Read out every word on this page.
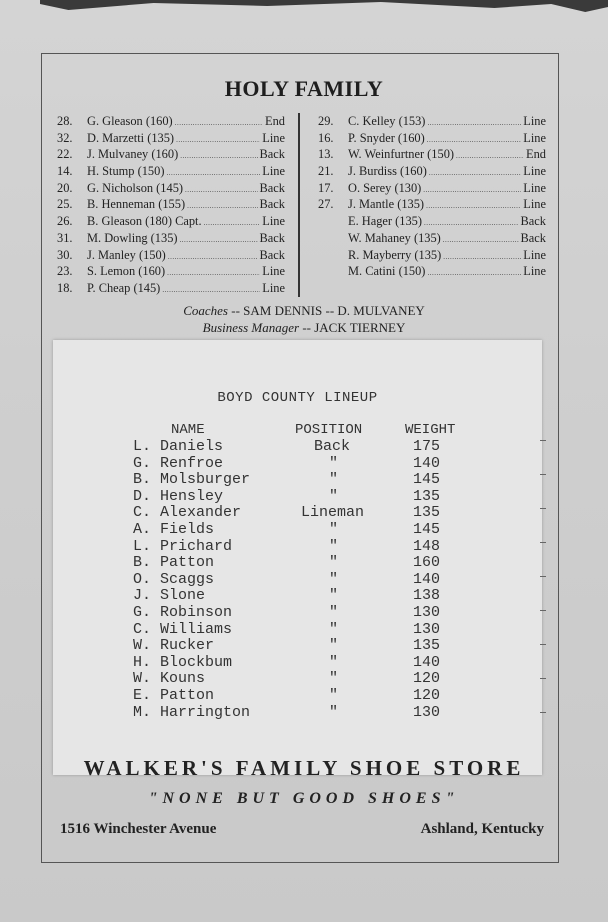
HOLY FAMILY
28.	G. Gleason (160) .....	End
32.	D. Marzetti (135) .....	Line
22.	J. Mulvaney (160) .....	Back
14.	H. Stump (150) .....	Line
20.	G. Nicholson (145) .....	Back
25.	B. Henneman (155) .....	Back
26.	B. Gleason (180) Capt. .....	Line
31.	M. Dowling (135) .....	Back
30.	J. Manley (150) .....	Back
23.	S. Lemon (160) .....	Line
18.	P. Cheap (145) .....	Line
29.	C. Kelley (153) .....	Line
16.	P. Snyder (160) .....	Line
13.	W. Weinfurtner (150) .....	End
21.	J. Burdiss (160) .....	Line
17.	O. Serey (130) .....	Line
27.	J. Mantle (135) .....	Line
E. Hager (135) .....	Back
W. Mahaney (135) .....	Back
R. Mayberry (135) .....	Line
M. Catini (150) .....	Line
Coaches -- SAM DENNIS -- D. MULVANEY
Business Manager -- JACK TIERNEY
BOYD COUNTY LINEUP
NAME	POSITION	WEIGHT
L. Daniels	Back	175
G. Renfroe	"	140
B. Molsburger	"	145
D. Hensley	"	135
C. Alexander	Lineman	135
A. Fields	"	145
L. Prichard	"	148
B. Patton	"	160
O. Scaggs	"	140
J. Slone	"	138
G. Robinson	"	130
C. Williams	"	130
W. Rucker	"	135
H. Blockbum	"	140
W. Kouns	"	120
E. Patton	"	120
M. Harrington	"	130
WALKER'S FAMILY SHOE STORE
"NONE BUT GOOD SHOES"
1516 Winchester Avenue	Ashland, Kentucky
